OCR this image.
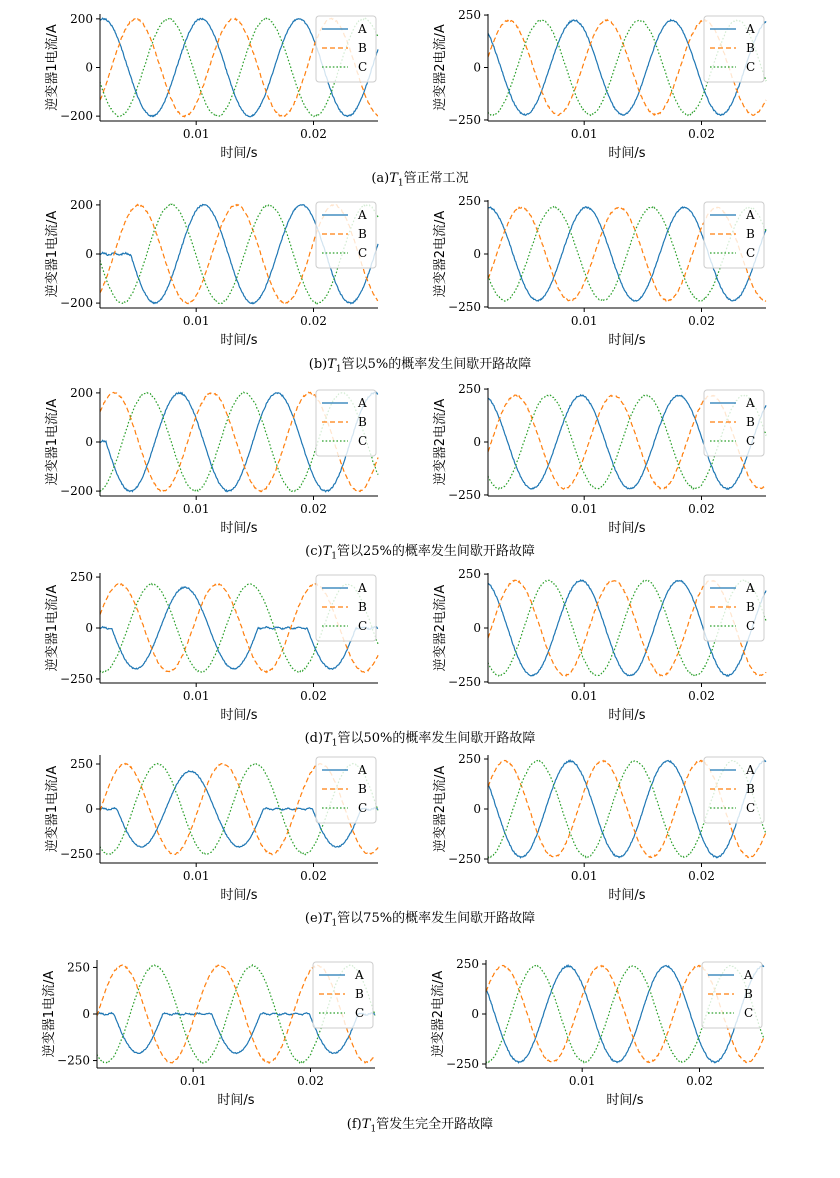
−200
0
200
0.01	0.02
时间/s
逆变器1电流/A	A
B
C
−250
0
250
0.01	0.02
时间/s
逆变器2电流/A	A
B
C
−200
0
200
0.01	0.02
时间/s
逆变器1电流/A	A
B
C
−250
0
250
0.01	0.02
时间/s
逆变器2电流/A	A
B
C
−200
0
200
0.01	0.02
时间/s
逆变器1电流/A	A
B
C
−250
0
250
0.01	0.02
时间/s
逆变器2电流/A	A
B
C
−250
0
250
0.01	0.02
时间/s
逆变器1电流/A	A
B
C
−250
0
250
0.01	0.02
时间/s
逆变器2电流/A	A
B
C
−250
0
250
0.01	0.02
时间/s
逆变器1电流/A	A
B
C
−250
0
250
0.01	0.02
时间/s
逆变器2电流/A	A
B
C
−250
0
250
0.01	0.02
时间/s
逆变器1电流/A	A
B
C
−250
0
250
0.01	0.02
时间/s
逆变器2电流/A	A
B
C
$(a)T_1$管正常工况
$(b)T_1$管以5%的概率发生间歇开路故障
$(c)T_1$管以25%的概率发生间歇开路故障
$(d)T_1$管以50%的概率发生间歇开路故障
$(e)T_1$管以75%的概率发生间歇开路故障
$(f)T_1$管发生完全开路故障
